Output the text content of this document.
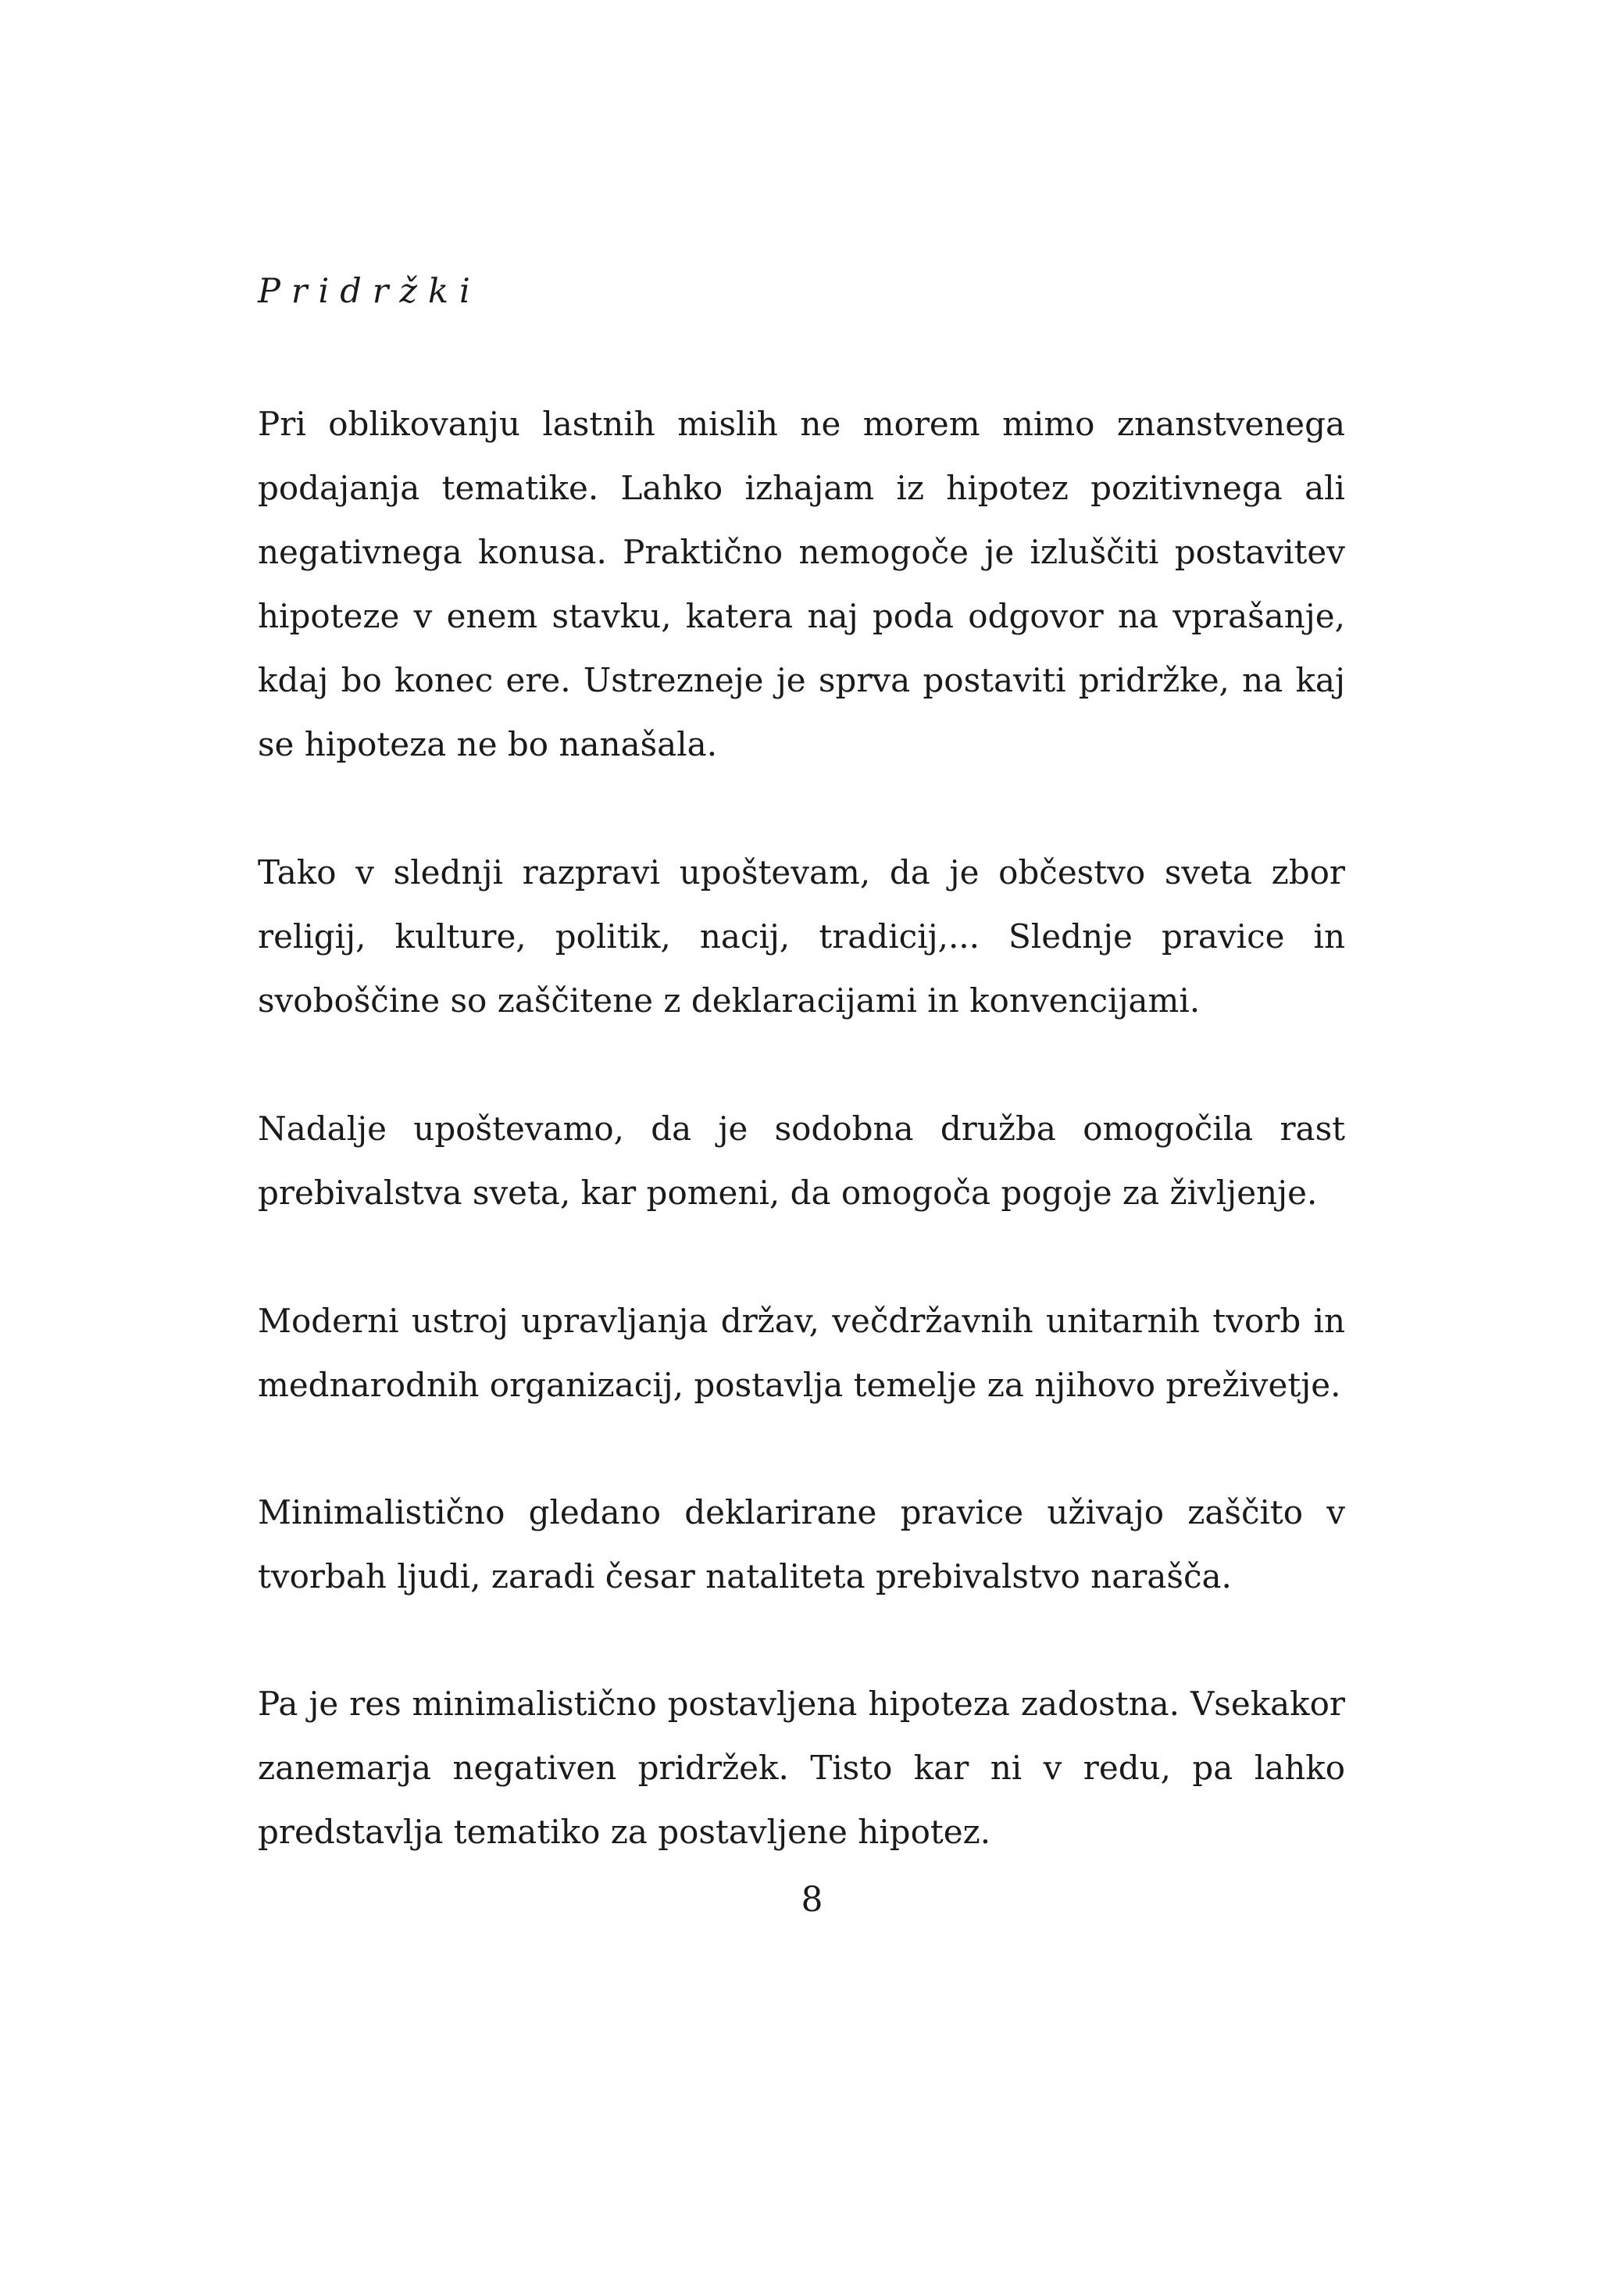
Pridržki

Pri oblikovanju lastnih mislih ne morem mimo znanstvenega podajanja tematike. Lahko izhajam iz hipotez pozitivnega ali negativnega konusa. Praktično nemogoče je izluščiti postavitev hipoteze v enem stavku, katera naj poda odgovor na vprašanje, kdaj bo konec ere. Ustrezneje je sprva postaviti pridržke, na kaj se hipoteza ne bo nanašala.

Tako v slednji razpravi upoštevam, da je občestvo sveta zbor religij, kulture, politik, nacij, tradicij,... Slednje pravice in svoboščine so zaščitene z deklaracijami in konvencijami.

Nadalje upoštevamo, da je sodobna družba omogočila rast prebivalstva sveta, kar pomeni, da omogoča pogoje za življenje.

Moderni ustroj upravljanja držav, večdržavnih unitarnih tvorb in mednarodnih organizacij, postavlja temelje za njihovo preživetje.

Minimalistično gledano deklarirane pravice uživajo zaščito v tvorbah ljudi, zaradi česar nataliteta prebivalstvo narašča.

Pa je res minimalistično postavljena hipoteza zadostna. Vsekakor zanemarja negativen pridržek. Tisto kar ni v redu, pa lahko predstavlja tematiko za postavljene hipotez.

8
